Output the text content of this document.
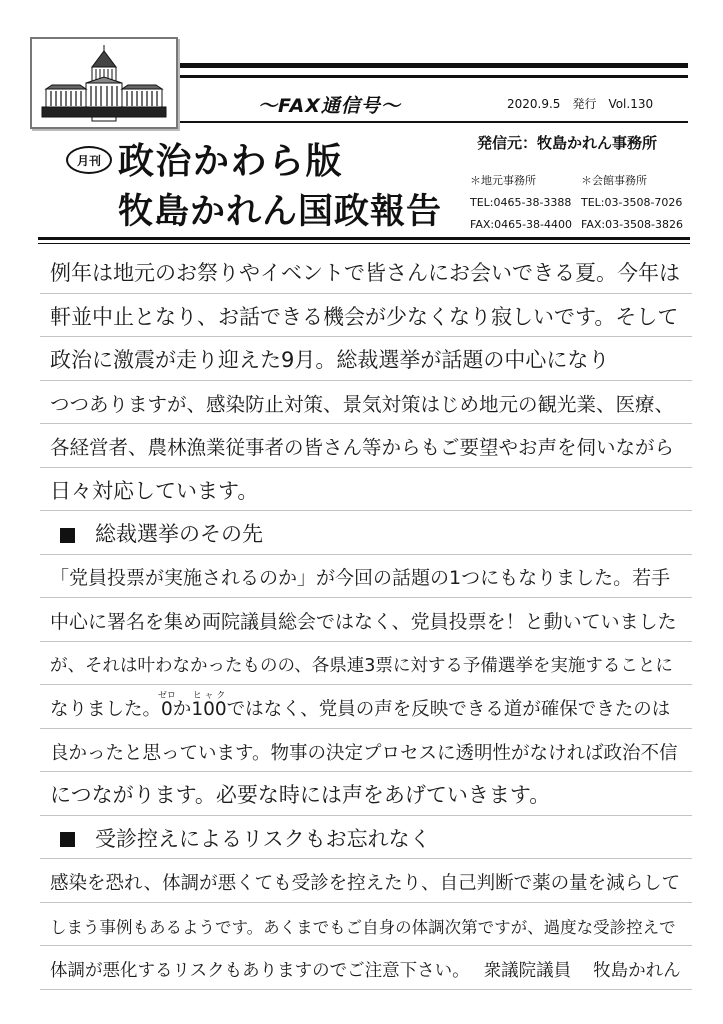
～FAX通信号～	2020.9.5　発行　Vol.130
発信元：牧島かれん事務所
月刊 政治かわら版
牧島かれん国政報告
＊地元事務所
TEL:0465-38-3388
FAX:0465-38-4400
＊会館事務所
TEL:03-3508-7026
FAX:03-3508-3826
例年は地元のお祭りやイベントで皆さんにお会いできる夏。今年は
軒並中止となり、お話できる機会が少なくなり寂しいです。そして
政治に激震が走り迎えた9月。総裁選挙が話題の中心になり
つつありますが、感染防止対策、景気対策はじめ地元の観光業、医療、
各経営者、農林漁業従事者の皆さん等からもご要望やお声を伺いながら
日々対応しています。
総裁選挙のその先
「党員投票が実施されるのか」が今回の話題の1つにもなりました。若手
中心に署名を集め両院議員総会ではなく、党員投票を！と動いていました
が、それは叶わなかったものの、各県連3票に対する予備選挙を実施することに
なりました。0ゼロか100ヒャクではなく、党員の声を反映できる道が確保できたのは
良かったと思っています。物事の決定プロセスに透明性がなければ政治不信
につながります。必要な時には声をあげていきます。
受診控えによるリスクもお忘れなく
感染を恐れ、体調が悪くても受診を控えたり、自己判断で薬の量を減らして
しまう事例もあるようです。あくまでもご自身の体調次第ですが、過度な受診控えで
体調が悪化するリスクもありますのでご注意下さい。 衆議院議員 牧島かれん
